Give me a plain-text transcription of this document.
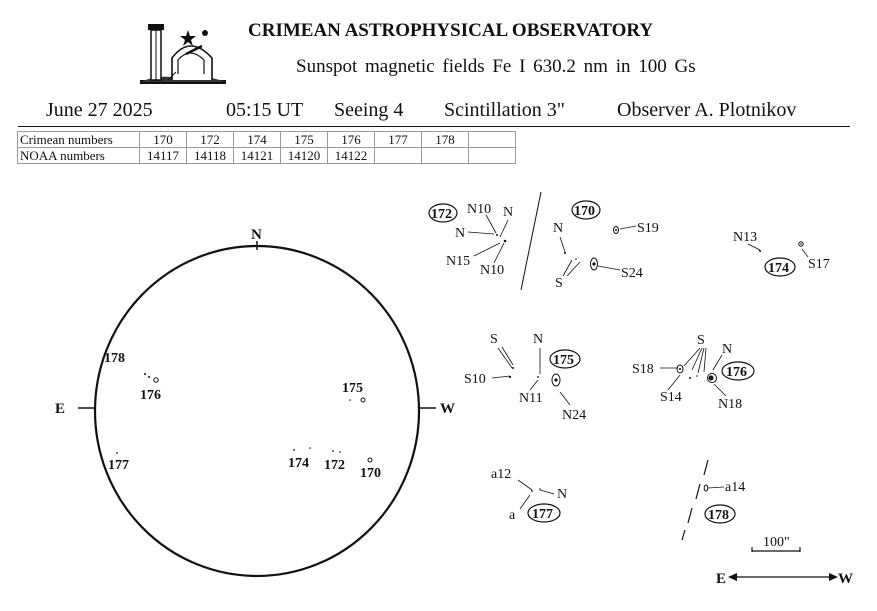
CRIMEAN ASTROPHYSICAL OBSERVATORY
Sunspot magnetic fields Fe I 630.2 nm in 100 Gs
June 27 2025	05:15 UT Seeing 4 Scintillation 3"	Observer A. Plotnikov
Crimean numbers	170	172	174	175	176	177	178	
NOAA numbers	14117	14118	14121	14120	14122			
N
E	W
178
176	175
177	174 172
170
172 N10 N
N
N15
N10
170
N	S19
S
S24
N13
S17
174
S	N
S10
N11
N24
175
S
N
S18
S14	N18
176
a12
N
a 177
a14
178
100"
E	W
